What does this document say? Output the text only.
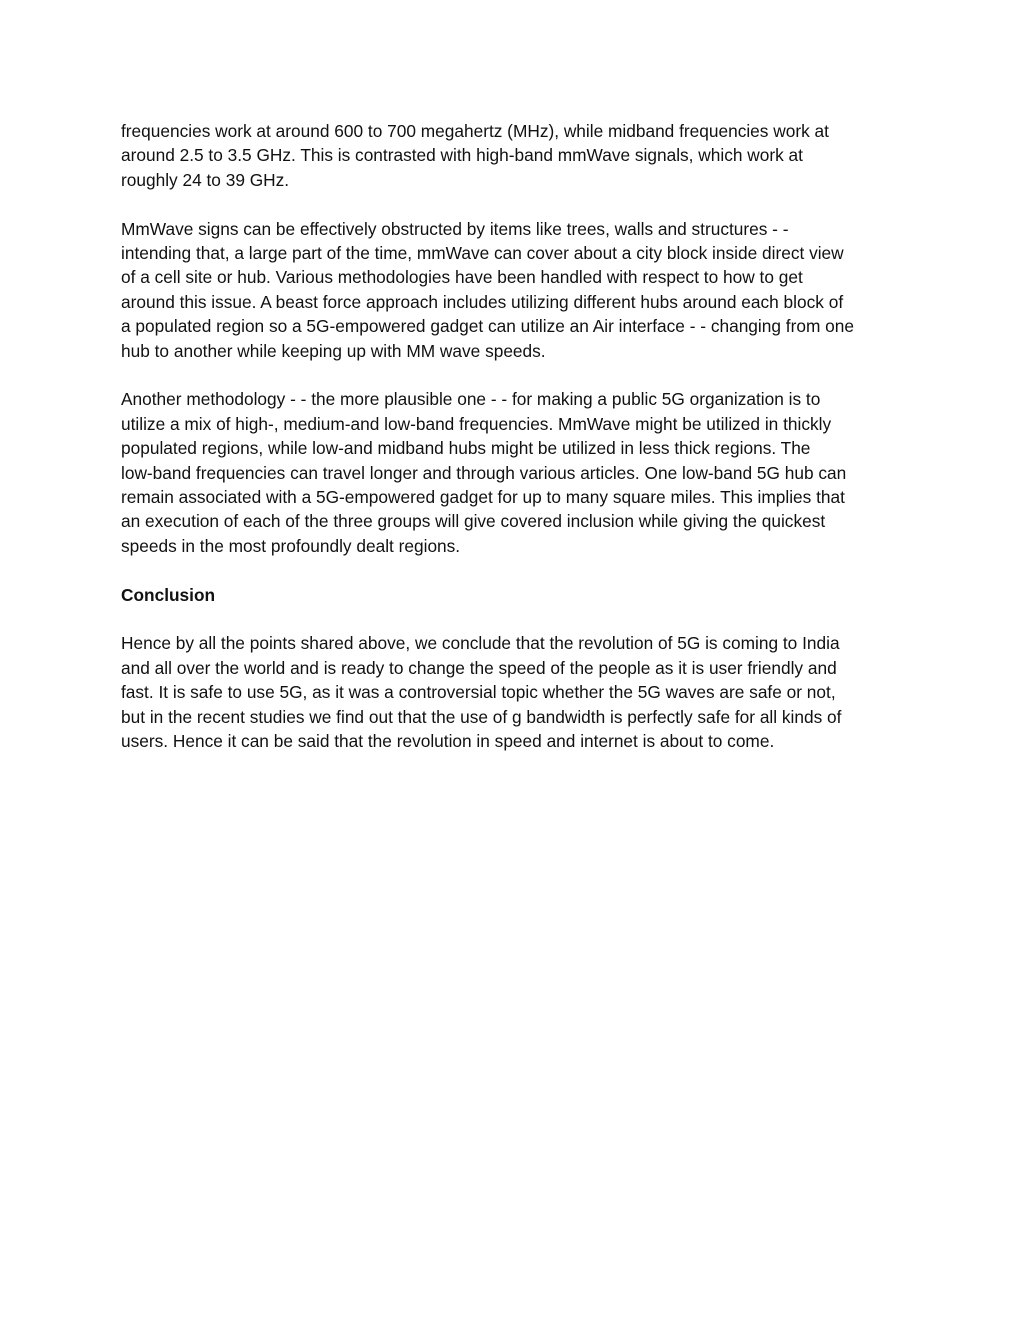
frequencies work at around 600 to 700 megahertz (MHz), while midband frequencies work at
around 2.5 to 3.5 GHz. This is contrasted with high-band mmWave signals, which work at
roughly 24 to 39 GHz.

MmWave signs can be effectively obstructed by items like trees, walls and structures - -
intending that, a large part of the time, mmWave can cover about a city block inside direct view
of a cell site or hub. Various methodologies have been handled with respect to how to get
around this issue. A beast force approach includes utilizing different hubs around each block of
a populated region so a 5G-empowered gadget can utilize an Air interface - - changing from one
hub to another while keeping up with MM wave speeds.

Another methodology - - the more plausible one - - for making a public 5G organization is to
utilize a mix of high-, medium-and low-band frequencies. MmWave might be utilized in thickly
populated regions, while low-and midband hubs might be utilized in less thick regions. The
low-band frequencies can travel longer and through various articles. One low-band 5G hub can
remain associated with a 5G-empowered gadget for up to many square miles. This implies that
an execution of each of the three groups will give covered inclusion while giving the quickest
speeds in the most profoundly dealt regions.

Conclusion

Hence by all the points shared above, we conclude that the revolution of 5G is coming to India
and all over the world and is ready to change the speed of the people as it is user friendly and
fast. It is safe to use 5G, as it was a controversial topic whether the 5G waves are safe or not,
but in the recent studies we find out that the use of g bandwidth is perfectly safe for all kinds of
users. Hence it can be said that the revolution in speed and internet is about to come.
